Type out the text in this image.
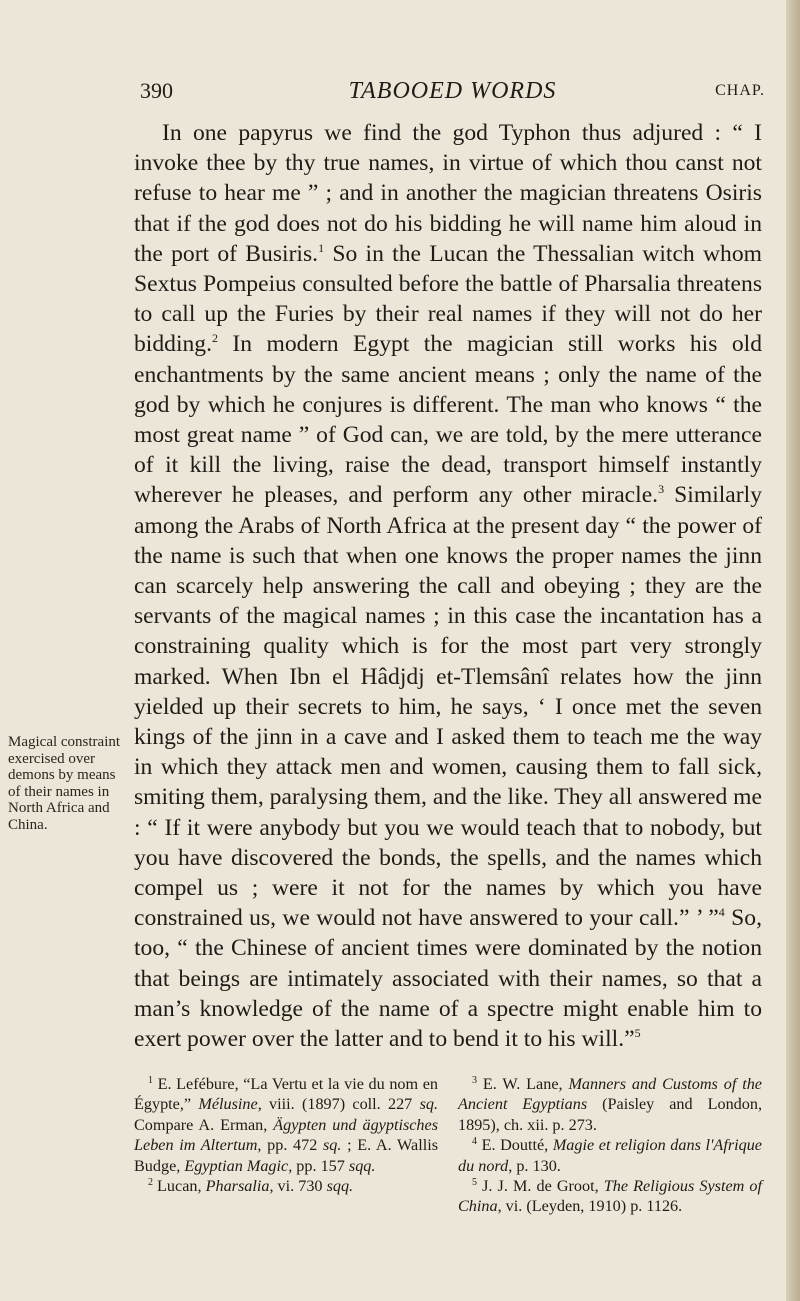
390	TABOOED WORDS	CHAP.
Magical constraint exercised over demons by means of their names in North Africa and China.

In one papyrus we find the god Typhon thus adjured : “ I invoke thee by thy true names, in virtue of which thou canst not refuse to hear me ” ; and in another the magician threatens Osiris that if the god does not do his bidding he will name him aloud in the port of Busiris.$^1$ So in the Lucan the Thessalian witch whom Sextus Pompeius consulted before the battle of Pharsalia threatens to call up the Furies by their real names if they will not do her bidding.$^2$ In modern Egypt the magician still works his old enchantments by the same ancient means ; only the name of the god by which he conjures is different. The man who knows “ the most great name ” of God can, we are told, by the mere utterance of it kill the living, raise the dead, transport himself instantly wherever he pleases, and perform any other miracle.$^3$ Similarly among the Arabs of North Africa at the present day “ the power of the name is such that when one knows the proper names the jinn can scarcely help answering the call and obeying ; they are the servants of the magical names ; in this case the incantation has a constraining quality which is for the most part very strongly marked. When Ibn el Hâdjdj et-Tlemsânî relates how the jinn yielded up their secrets to him, he says, ‘ I once met the seven kings of the jinn in a cave and I asked them to teach me the way in which they attack men and women, causing them to fall sick, smiting them, paralysing them, and the like. They all answered me : “ If it were anybody but you we would teach that to nobody, but you have discovered the bonds, the spells, and the names which compel us ; were it not for the names by which you have constrained us, we would not have answered to your call.” ’ ”$^4$ So, too, “ the Chinese of ancient times were dominated by the notion that beings are intimately associated with their names, so that a man’s knowledge of the name of a spectre might enable him to exert power over the latter and to bend it to his will.”$^5$

$^1$ E. Lefébure, “La Vertu et la vie du nom en Égypte,” Mélusine, viii. (1897) coll. 227 sq. Compare A. Erman, Ägypten und ägyptisches Leben im Altertum, pp. 472 sq. ; E. A. Wallis Budge, Egyptian Magic, pp. 157 sqq.

$^2$ Lucan, Pharsalia, vi. 730 sqq.

$^3$ E. W. Lane, Manners and Customs of the Ancient Egyptians (Paisley and London, 1895), ch. xii. p. 273.

$^4$ E. Doutté, Magie et religion dans l'Afrique du nord, p. 130.

$^5$ J. J. M. de Groot, The Religious System of China, vi. (Leyden, 1910) p. 1126.
